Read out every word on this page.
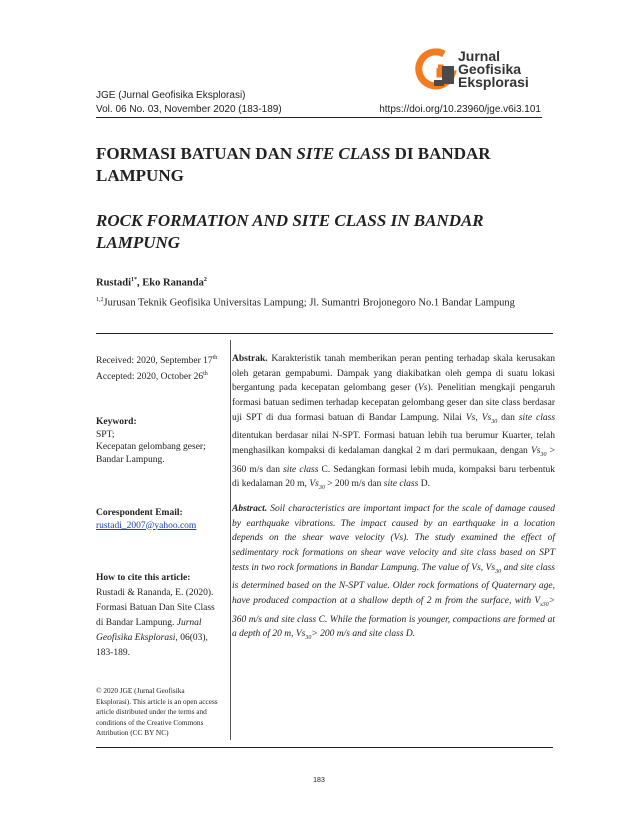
Jurnal
Geofisika
Eksplorasi
JGE (Jurnal Geofisika Eksplorasi)
Vol. 06 No. 03, November 2020 (183-189)	https://doi.org/10.23960/jge.v6i3.101
FORMASI BATUAN DAN SITE CLASS DI BANDAR LAMPUNG
ROCK FORMATION AND SITE CLASS IN BANDAR LAMPUNG
Rustadi$^{1*}$, Eko Rananda$^2$
$^{1,2}$Jurusan Teknik Geofisika Universitas Lampung; Jl. Sumantri Brojonegoro No.1 Bandar Lampung
Received: 2020, September 17th
Accepted: 2020, October 26th
Keyword:
SPT;
Kecepatan gelombang geser;
Bandar Lampung.
Corespondent Email:
rustadi_2007@yahoo.com
How to cite this article:
Rustadi & Rananda, E. (2020). Formasi Batuan Dan Site Class di Bandar Lampung. Jurnal Geofisika Eksplorasi, 06(03), 183-189.
© 2020 JGE (Jurnal Geofisika Eksplorasi). This article is an open access article distributed under the terms and conditions of the Creative Commons Attribution (CC BY NC)
Abstrak. Karakteristik tanah memberikan peran penting terhadap skala kerusakan oleh getaran gempabumi. Dampak yang diakibatkan oleh gempa di suatu lokasi bergantung pada kecepatan gelombang geser (Vs). Penelitian mengkaji pengaruh formasi batuan sedimen terhadap kecepatan gelombang geser dan site class berdasar uji SPT di dua formasi batuan di Bandar Lampung. Nilai Vs, $Vs_{30}$ dan site class ditentukan berdasar nilai N-SPT. Formasi batuan lebih tua berumur Kuarter, telah menghasilkan kompaksi di kedalaman dangkal 2 m dari permukaan, dengan $Vs_{30} > 360$ m/s dan site class C. Sedangkan formasi lebih muda, kompaksi baru terbentuk di kedalaman 20 m, $Vs_{30} > 200$ m/s dan site class D.
Abstract. Soil characteristics are important impact for the scale of damage caused by earthquake vibrations. The impact caused by an earthquake in a location depends on the shear wave velocity (Vs). The study examined the effect of sedimentary rock formations on shear wave velocity and site class based on SPT tests in two rock formations in Bandar Lampung. The value of Vs, $Vs_{30}$ and site class is determined based on the N-SPT value. Older rock formations of Quaternary age, have produced compaction at a shallow depth of 2 m from the surface, with $V_{s30}> 360$ m/s and site class C. While the formation is younger, compactions are formed at a depth of 20 m, $Vs_{30}> 200$ m/s and site class D.
183
